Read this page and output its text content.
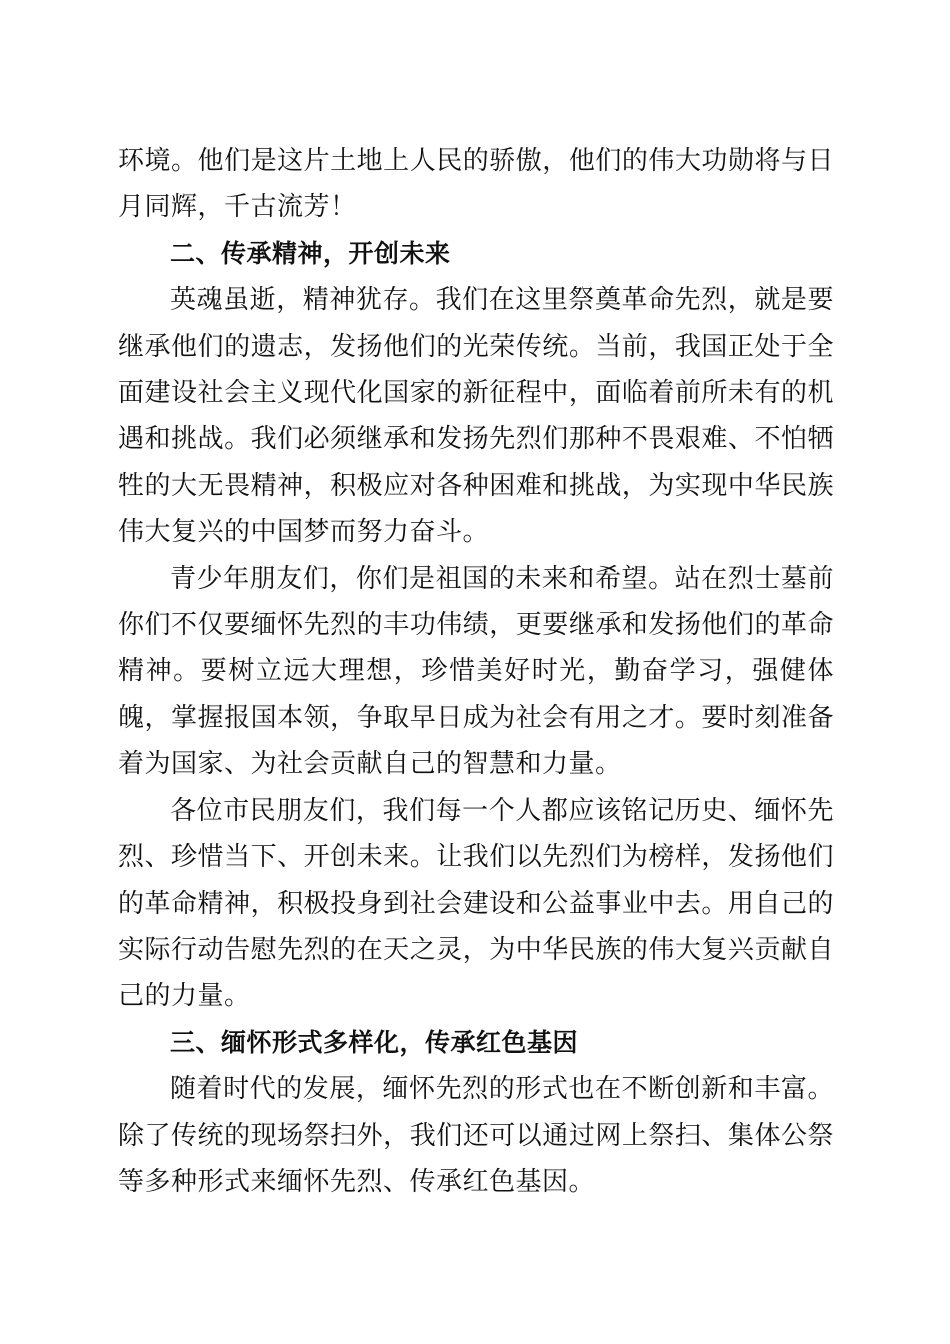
环境。他们是这片土地上人民的骄傲，他们的伟大功勋将与日月同辉，千古流芳！

二、传承精神，开创未来

英魂虽逝，精神犹存。我们在这里祭奠革命先烈，就是要继承他们的遗志，发扬他们的光荣传统。当前，我国正处于全面建设社会主义现代化国家的新征程中，面临着前所未有的机遇和挑战。我们必须继承和发扬先烈们那种不畏艰难、不怕牺牲的大无畏精神，积极应对各种困难和挑战，为实现中华民族伟大复兴的中国梦而努力奋斗。

青少年朋友们，你们是祖国的未来和希望。站在烈士墓前你们不仅要缅怀先烈的丰功伟绩，更要继承和发扬他们的革命精神。要树立远大理想，珍惜美好时光，勤奋学习，强健体魄，掌握报国本领，争取早日成为社会有用之才。要时刻准备着为国家、为社会贡献自己的智慧和力量。

各位市民朋友们，我们每一个人都应该铭记历史、缅怀先烈、珍惜当下、开创未来。让我们以先烈们为榜样，发扬他们的革命精神，积极投身到社会建设和公益事业中去。用自己的实际行动告慰先烈的在天之灵，为中华民族的伟大复兴贡献自己的力量。

三、缅怀形式多样化，传承红色基因

随着时代的发展，缅怀先烈的形式也在不断创新和丰富。除了传统的现场祭扫外，我们还可以通过网上祭扫、集体公祭等多种形式来缅怀先烈、传承红色基因。
